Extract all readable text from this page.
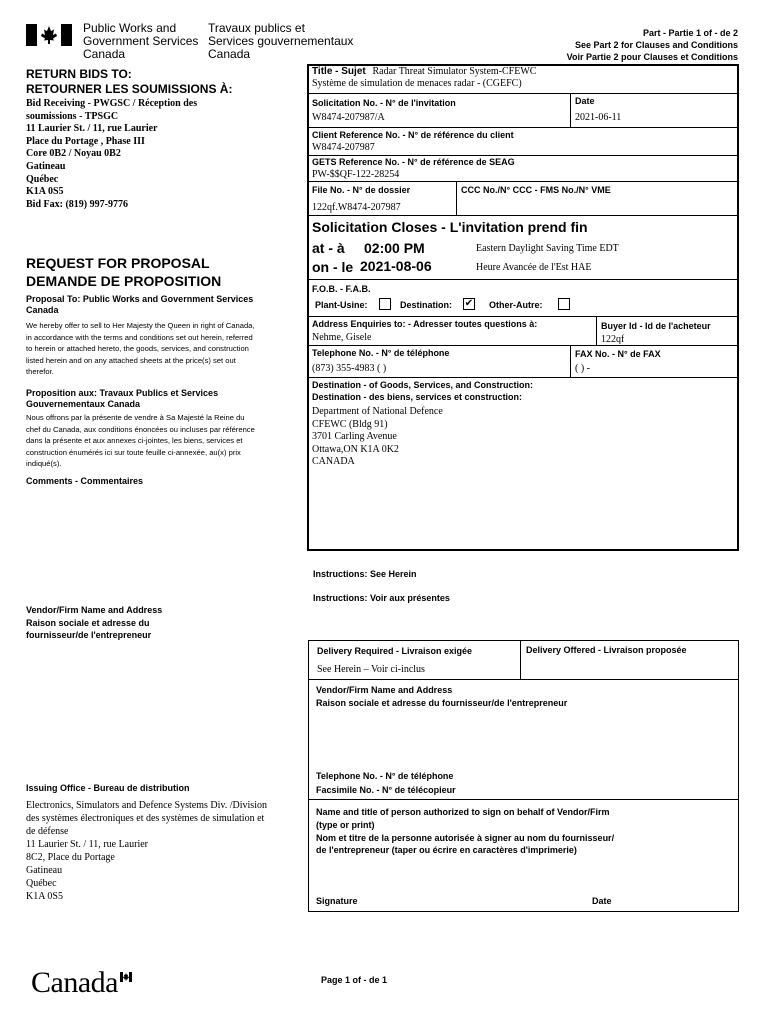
Public Works and
Government Services
Canada
Travaux publics et
Services gouvernementaux
Canada
Part - Partie 1 of - de 2
See Part 2 for Clauses and Conditions
Voir Partie 2 pour Clauses et Conditions
RETURN BIDS TO:
RETOURNER LES SOUMISSIONS À:
Bid Receiving - PWGSC / Réception des
soumissions - TPSGC
11 Laurier St. / 11, rue Laurier
Place du Portage , Phase III
Core 0B2 / Noyau 0B2
Gatineau
Québec
K1A 0S5
Bid Fax: (819) 997-9776
REQUEST FOR PROPOSAL
DEMANDE DE PROPOSITION
Proposal To: Public Works and Government Services Canada
We hereby offer to sell to Her Majesty the Queen in right of Canada, in accordance with the terms and conditions set out herein, referred to herein or attached hereto, the goods, services, and construction listed herein and on any attached sheets at the price(s) set out therefor.
Proposition aux: Travaux Publics et Services Gouvernementaux Canada
Nous offrons par la présente de vendre à Sa Majesté la Reine du chef du Canada, aux conditions énoncées ou incluses par référence dans la présente et aux annexes ci-jointes, les biens, services et construction énumérés ici sur toute feuille ci-annexée, au(x) prix indiqué(s).
Comments - Commentaires
Vendor/Firm Name and Address
Raison sociale et adresse du
fournisseur/de l'entrepreneur
Issuing Office - Bureau de distribution
Electronics, Simulators and Defence Systems Div. /Division
des systèmes électroniques et des systèmes de simulation et
de défense
11 Laurier St. / 11, rue Laurier
8C2, Place du Portage
Gatineau
Québec
K1A 0S5
Title - Sujet Radar Threat Simulator System-CFEWC
Système de simulation de menaces radar - (CGEFC)
Solicitation No. - N° de l'invitation
W8474-207987/A
Date
2021-06-11
Client Reference No. - N° de référence du client
W8474-207987
GETS Reference No. - N° de référence de SEAG
PW-$$QF-122-28254
File No. - N° de dossier
122qf.W8474-207987
CCC No./N° CCC - FMS No./N° VME
Solicitation Closes - L'invitation prend fin
at - à 02:00 PM
on - le 2021-08-06
Eastern Daylight Saving Time EDT
Heure Avancée de l'Est HAE
F.O.B. - F.A.B.
Plant-Usine:	Destination: ✔ Other-Autre:
Address Enquiries to: - Adresser toutes questions à:
Nehme, Gisele
Buyer Id - Id de l'acheteur
122qf
Telephone No. - N° de téléphone
(873) 355-4983 ( )
FAX No. - N° de FAX
( ) -
Destination - of Goods, Services, and Construction:
Destination - des biens, services et construction:
Department of National Defence
CFEWC (Bldg 91)
3701 Carling Avenue
Ottawa,ON K1A 0K2
CANADA
Instructions: See Herein
Instructions: Voir aux présentes
Delivery Required - Livraison exigée
See Herein – Voir ci-inclus
Delivery Offered - Livraison proposée
Vendor/Firm Name and Address
Raison sociale et adresse du fournisseur/de l'entrepreneur
Telephone No. - N° de téléphone
Facsimile No. - N° de télécopieur
Name and title of person authorized to sign on behalf of Vendor/Firm
(type or print)
Nom et titre de la personne autorisée à signer au nom du fournisseur/
de l'entrepreneur (taper ou écrire en caractères d'imprimerie)
Signature	Date
Canada	Page 1 of - de 1
